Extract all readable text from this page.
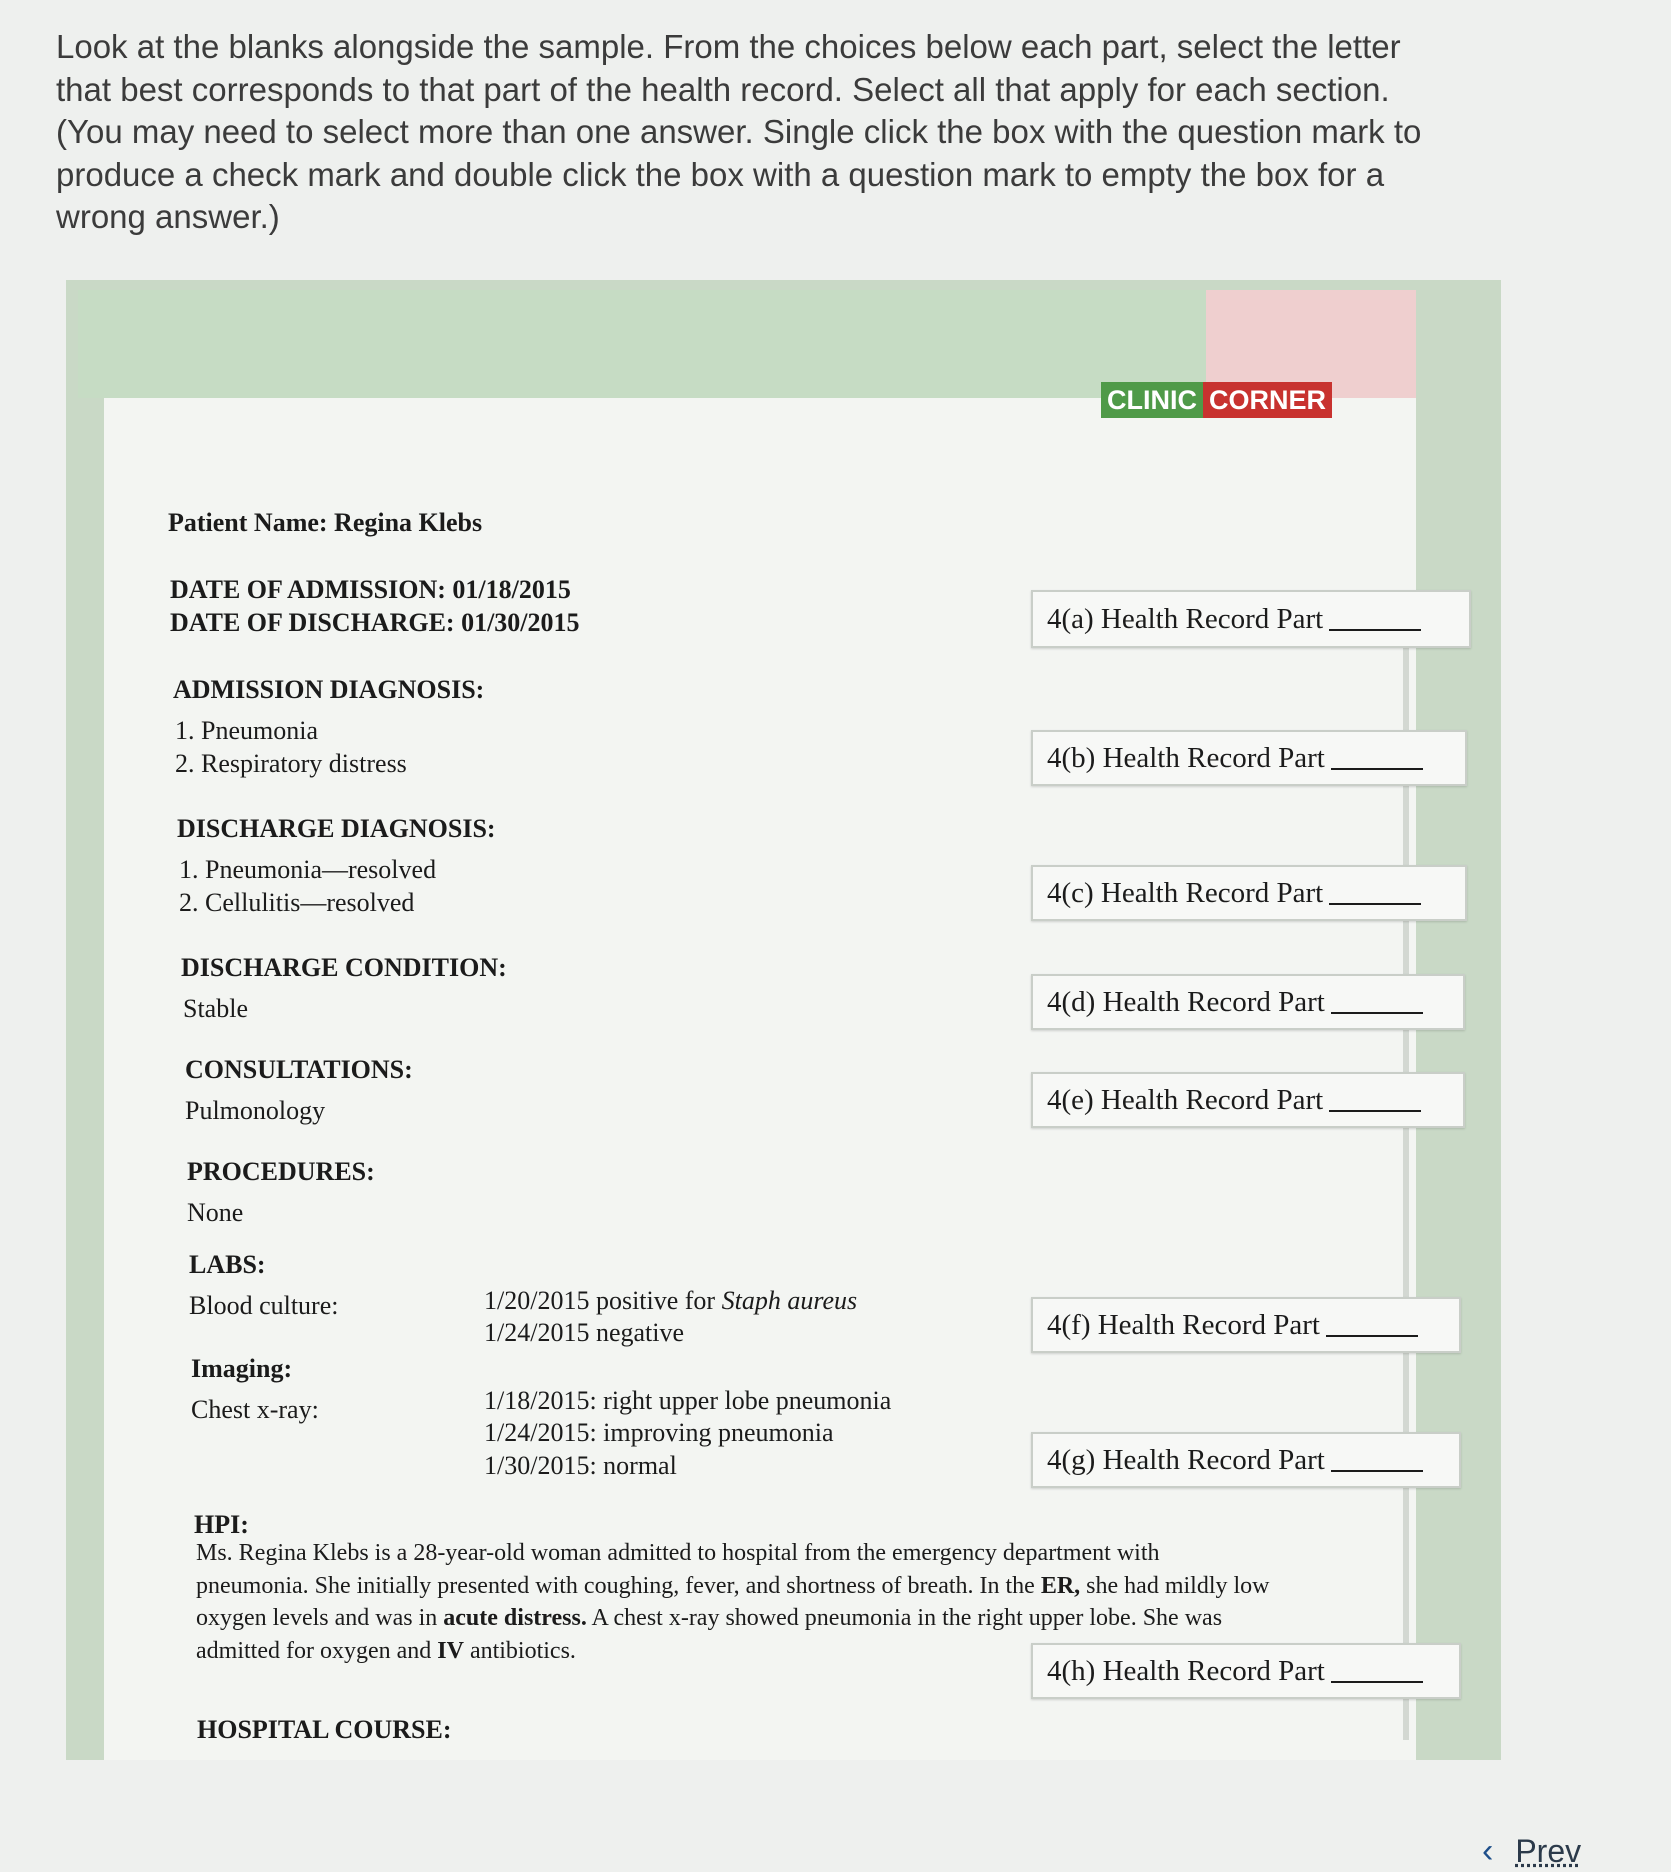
Look at the blanks alongside the sample. From the choices below each part, select the letter that best corresponds to that part of the health record. Select all that apply for each section. (You may need to select more than one answer. Single click the box with the question mark to produce a check mark and double click the box with a question mark to empty the box for a wrong answer.)

CLINIC CORNER

Patient Name: Regina Klebs

DATE OF ADMISSION: 01/18/2015

DATE OF DISCHARGE: 01/30/2015

ADMISSION DIAGNOSIS:

1. Pneumonia

2. Respiratory distress

DISCHARGE DIAGNOSIS:

1. Pneumonia—resolved

2. Cellulitis—resolved

DISCHARGE CONDITION:

Stable

CONSULTATIONS:

Pulmonology

PROCEDURES:

None

LABS:

Blood culture:	1/20/2015 positive for Staph aureus

1/24/2015 negative

Imaging:

Chest x-ray:	1/18/2015: right upper lobe pneumonia

1/24/2015: improving pneumonia

1/30/2015: normal

HPI:

Ms. Regina Klebs is a 28-year-old woman admitted to hospital from the emergency department with pneumonia. She initially presented with coughing, fever, and shortness of breath. In the ER, she had mildly low oxygen levels and was in acute distress. A chest x-ray showed pneumonia in the right upper lobe. She was admitted for oxygen and IV antibiotics.

HOSPITAL COURSE:

4(a) Health Record Part
4(b) Health Record Part
4(c) Health Record Part
4(d) Health Record Part
4(e) Health Record Part
4(f) Health Record Part
4(g) Health Record Part
4(h) Health Record Part
‹ Prev
